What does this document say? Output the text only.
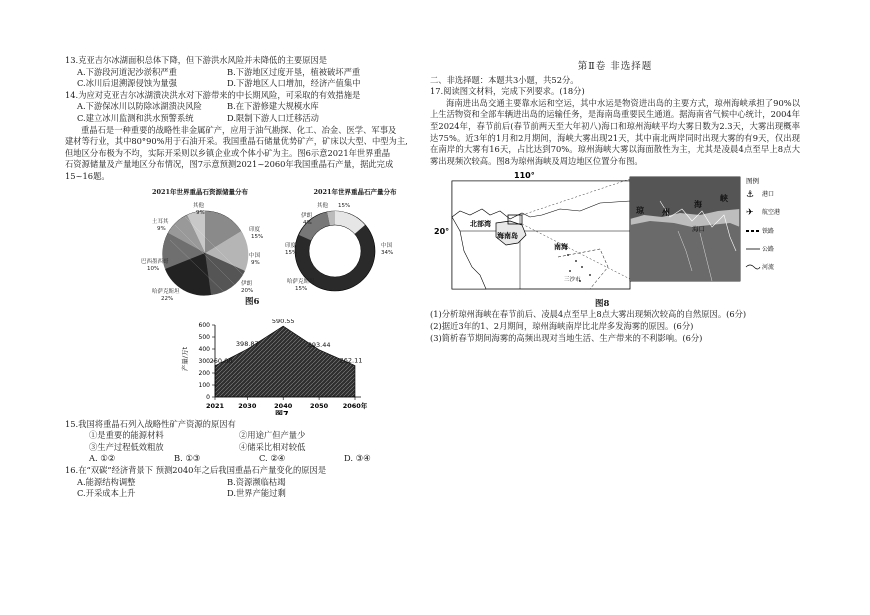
13.克亚吉尔冰湖面积总体下降，但下游洪水风险并未降低的主要原因是
A.下游段河道泥沙淤积严重	B.下游地区过度开垦，植被破坏严重
C.冰川后退溯源侵蚀为量强	D.下游地区人口增加，经济产值集中
14.为应对克亚吉尔冰湖溃决洪水对下游带来的中长期风险，可采取的有效措施是
A.下游保冰川以防除冰湖溃决风险	B.在下游修建大规模水库
C.建立冰川监测和洪水预警系统	D.限制下游人口迁移活动
重晶石是一种重要的战略性非金属矿产，应用于油气勘探、化工、冶金、医学、军事及
建材等行业，其中80°90%用于石油开采。我国重晶石储量优势矿产，矿床以大型、中型为主,
但地区分布极为不均，实际开采则以乡镇企业或个体小矿为主。图6示意2021年世界重晶
石资源储量及产量地区分布情况，图7示意预测2021~2060年我国重晶石产量，据此完成
15~16题。
2021年世界重晶石资源储量分布	2021年世界重晶石产量分布
其他
9%
土耳其
9%	印度
15%
中国
9%
巴西墨西哥
10%
伊朗
20%
哈萨克斯坦
22%
伊朗
4%
其他 15%
印度
15%
中国
34%
哈萨克斯坦
15%
图6
0
100
200
300
400
500
600
2021 2030	2040	2050 2060年
260.00
398.87
590.55
393.44
262.11
产量/万t
图7
15.我国将重晶石列入战略性矿产资源的原因有
①是重要的能源材料	②用途广但产量少
③生产过程低效粗放	④储采比相对较低
A. ①②	B. ①③	C. ②④	D. ③④
16.在“双碳”经济背景下 预测2040年之后我国重晶石产量变化的原因是
A.能源结构调整	B.资源濒临枯竭
C.开采成本上升	D.世界产能过剩
第Ⅱ卷 非选择题
二、非选择题：本题共3小题，共52分。
17.阅读图文材料，完成下列要求。(18分)
海南进出岛交通主要靠水运和空运，其中水运是物资进出岛的主要方式，琼州海峡承担了90%以上生活物资和全部车辆进出岛的运输任务，是海南岛重要民生通道。据海南省气候中心统计，2004年至2024年，春节前后(春节前两天至大年初八)海口和琼州海峡平均大雾日数为2.3天，大雾出现概率达75%。近3年的1月和2月期间，海峡大雾出现21天，其中南北两岸同时出现大雾的有9天，仅出现在南岸的大雾有16天，占比达到70%。琼州海峡大雾以海面散性为主，尤其是凌晨4点至早上8点大雾出现频次较高。图8为琼州海峡及周边地区位置分布图。
110°
20°
北部湾
海南岛
南海
三沙市
琼 州
海
峡
海口
图例
⚓ 港口
✈ 航空港
铁路
公路
河流
图8
(1)分析琼州海峡在春节前后、凌晨4点至早上8点大雾出现频次较高的自然原因。(6分)
(2)据近3年的1、2月期间，琼州海峡南岸比北岸多发海雾的原因。(6分)
(3)简析春节期间海雾的高频出现对当地生活、生产带来的不利影响。(6分)
